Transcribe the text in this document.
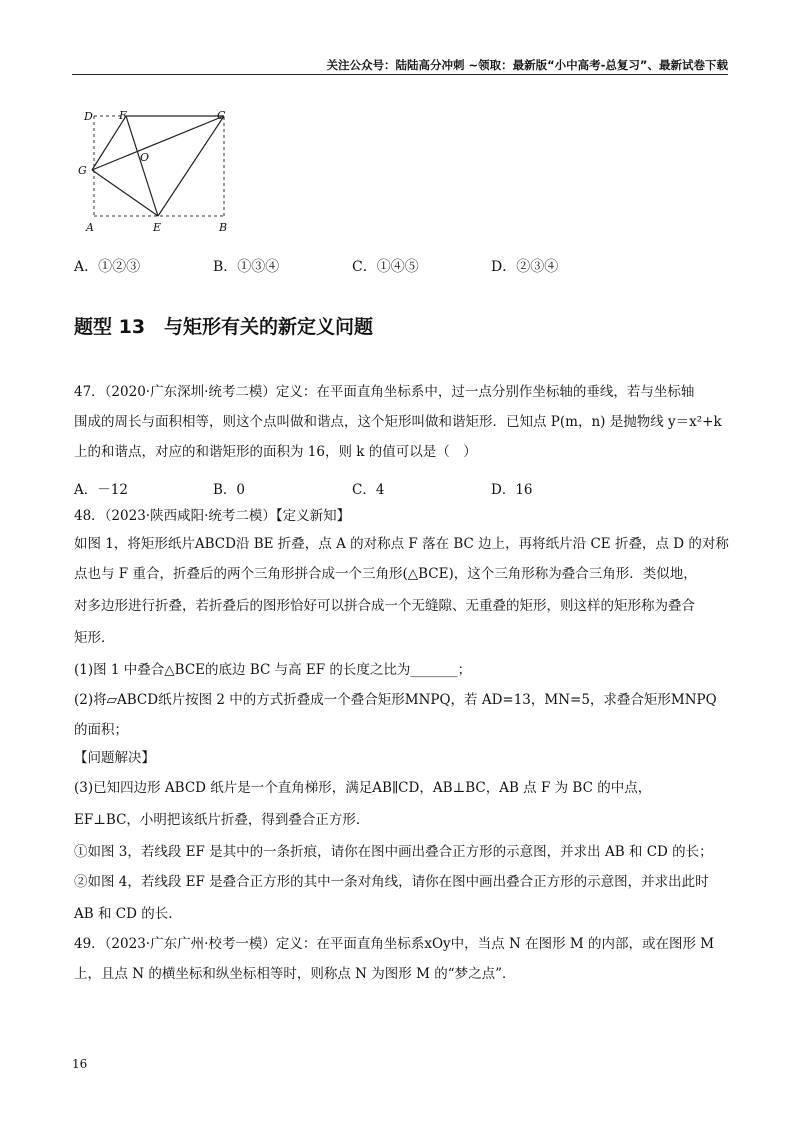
关注公众号：陆陆高分冲刺 ~领取：最新版“小中高考-总复习”、最新试卷下载
D F	C
O
G
A	E	B
A．①②③	B．①③④	C．①④⑤	D．②③④
题型 13　与矩形有关的新定义问题
47．（2020·广东深圳·统考二模）定义：在平面直角坐标系中，过一点分别作坐标轴的垂线，若与坐标轴
围成的周长与面积相等，则这个点叫做和谐点，这个矩形叫做和谐矩形．已知点 P(m，n) 是抛物线 y＝x²+k
上的和谐点，对应的和谐矩形的面积为 16，则 k 的值可以是（　）
A．－12	B．0	C．4	D．16
48．（2023·陕西咸阳·统考二模）【定义新知】
如图 1，将矩形纸片ABCD沿 BE 折叠，点 A 的对称点 F 落在 BC 边上，再将纸片沿 CE 折叠，点 D 的对称
点也与 F 重合，折叠后的两个三角形拼合成一个三角形(△BCE)，这个三角形称为叠合三角形．类似地，
对多边形进行折叠，若折叠后的图形恰好可以拼合成一个无缝隙、无重叠的矩形，则这样的矩形称为叠合
矩形．
(1)图 1 中叠合△BCE的底边 BC 与高 EF 的长度之比为_______；
(2)将▱ABCD纸片按图 2 中的方式折叠成一个叠合矩形MNPQ，若 AD=13，MN=5，求叠合矩形MNPQ
的面积；
【问题解决】
(3)已知四边形 ABCD 纸片是一个直角梯形，满足AB∥CD，AB⊥BC，AB 点 F 为 BC 的中点，
EF⊥BC，小明把该纸片折叠，得到叠合正方形．
①如图 3，若线段 EF 是其中的一条折痕，请你在图中画出叠合正方形的示意图，并求出 AB 和 CD 的长；
②如图 4，若线段 EF 是叠合正方形的其中一条对角线，请你在图中画出叠合正方形的示意图，并求出此时
AB 和 CD 的长．
49．（2023·广东广州·校考一模）定义：在平面直角坐标系xOy中，当点 N 在图形 M 的内部，或在图形 M
上，且点 N 的横坐标和纵坐标相等时，则称点 N 为图形 M 的“梦之点”．
16
